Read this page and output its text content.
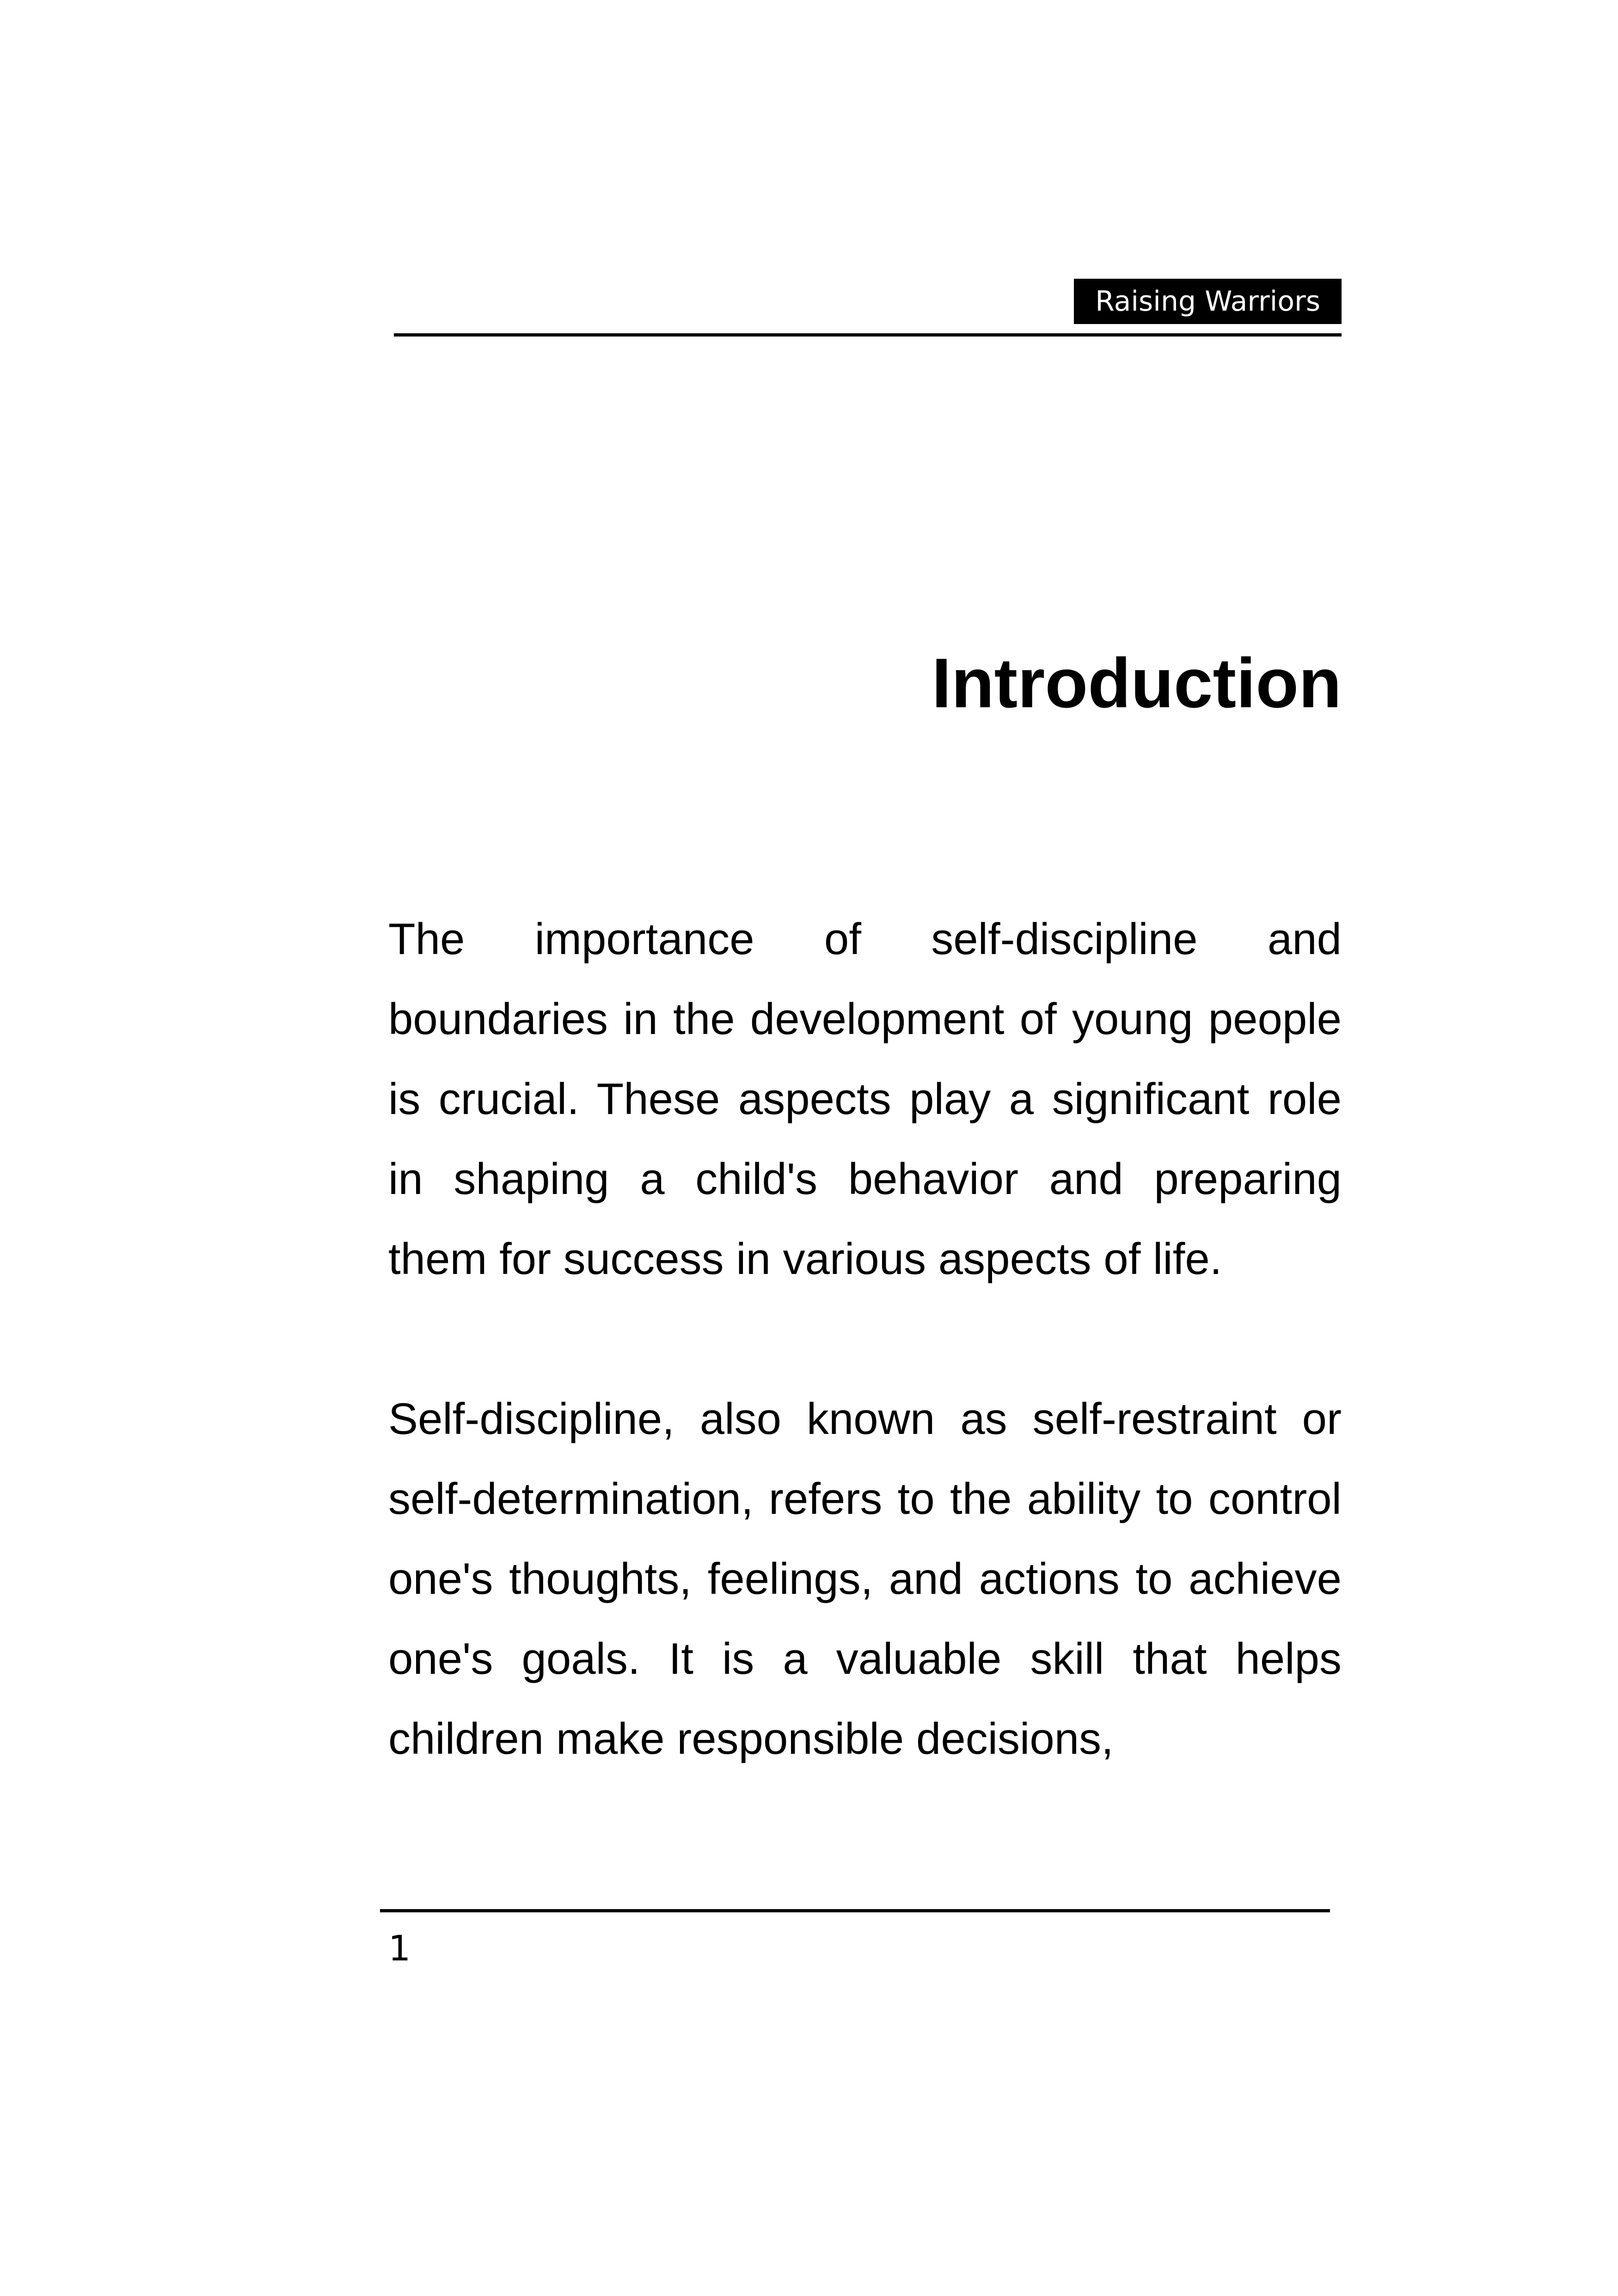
Raising Warriors
Introduction

The importance of self-discipline and boundaries in the development of young people is crucial. These aspects play a significant role in shaping a child's behavior and preparing them for success in various aspects of life.

Self-discipline, also known as self-restraint or self-determination, refers to the ability to control one's thoughts, feelings, and actions to achieve one's goals. It is a valuable skill that helps children make responsible decisions,

1
